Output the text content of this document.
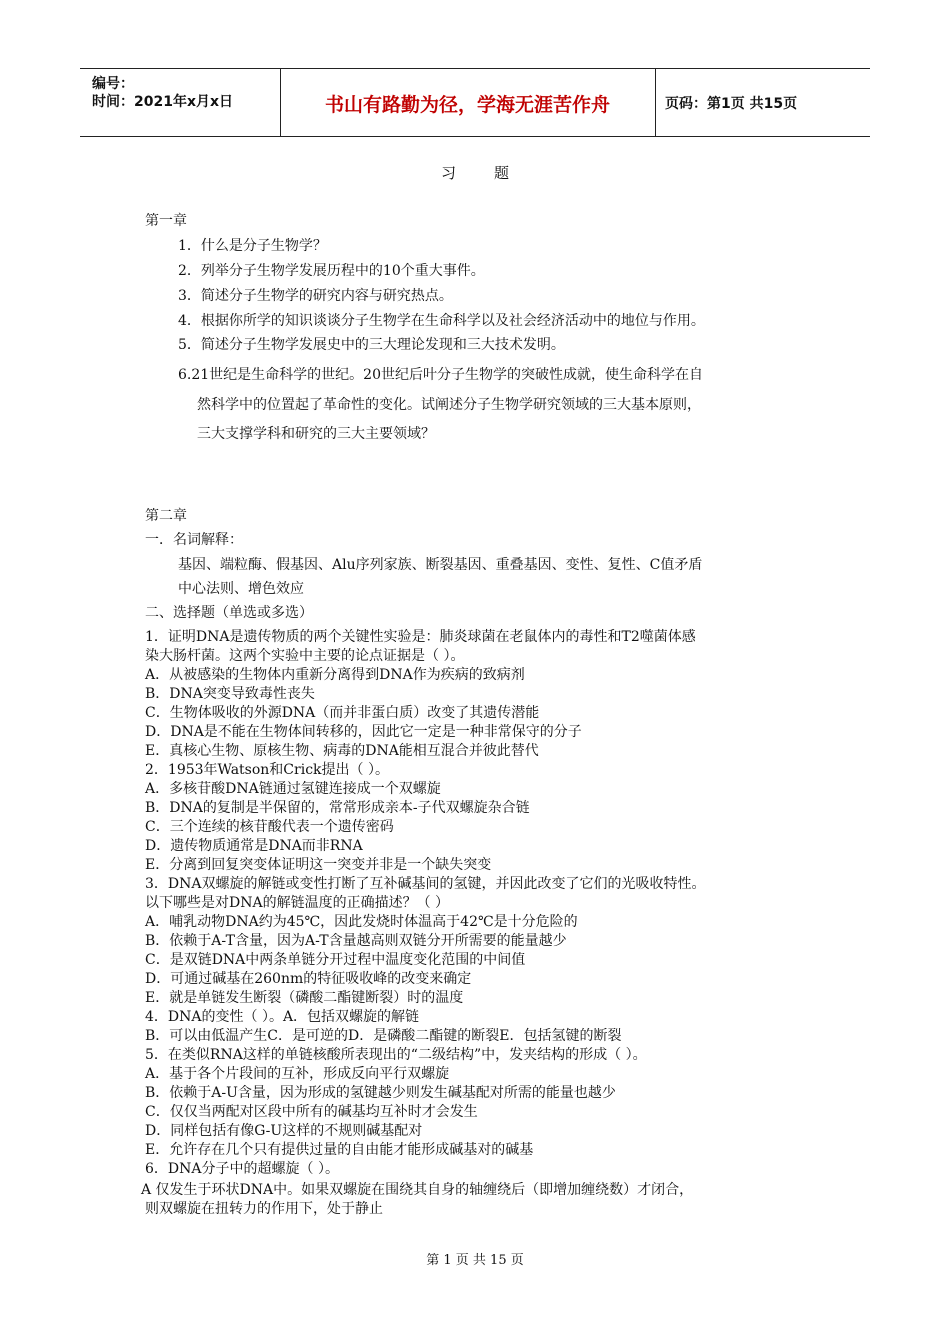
编号：
时间：2021年x月x日	书山有路勤为径，学海无涯苦作舟	页码：第1页 共15页
习题
第一章
1．什么是分子生物学？
2．列举分子生物学发展历程中的10个重大事件。
3．简述分子生物学的研究内容与研究热点。
4．根据你所学的知识谈谈分子生物学在生命科学以及社会经济活动中的地位与作用。
5．简述分子生物学发展史中的三大理论发现和三大技术发明。
6.21世纪是生命科学的世纪。20世纪后叶分子生物学的突破性成就，使生命科学在自
然科学中的位置起了革命性的变化。试阐述分子生物学研究领域的三大基本原则，
三大支撑学科和研究的三大主要领域？
第二章
一．名词解释：
基因、端粒酶、假基因、Alu序列家族、断裂基因、重叠基因、变性、复性、C值矛盾
中心法则、增色效应
二、选择题（单选或多选）
1．证明DNA是遗传物质的两个关键性实验是：肺炎球菌在老鼠体内的毒性和T2噬菌体感
染大肠杆菌。这两个实验中主要的论点证据是（ ）。
A．从被感染的生物体内重新分离得到DNA作为疾病的致病剂
B．DNA突变导致毒性丧失
C．生物体吸收的外源DNA（而并非蛋白质）改变了其遗传潜能
D．DNA是不能在生物体间转移的，因此它一定是一种非常保守的分子
E．真核心生物、原核生物、病毒的DNA能相互混合并彼此替代
2．1953年Watson和Crick提出（ ）。
A．多核苷酸DNA链通过氢键连接成一个双螺旋
B．DNA的复制是半保留的，常常形成亲本-子代双螺旋杂合链
C．三个连续的核苷酸代表一个遗传密码
D．遗传物质通常是DNA而非RNA
E．分离到回复突变体证明这一突变并非是一个缺失突变
3．DNA双螺旋的解链或变性打断了互补碱基间的氢键，并因此改变了它们的光吸收特性。
以下哪些是对DNA的解链温度的正确描述？（ ）
A．哺乳动物DNA约为45℃，因此发烧时体温高于42℃是十分危险的
B．依赖于A-T含量，因为A-T含量越高则双链分开所需要的能量越少
C．是双链DNA中两条单链分开过程中温度变化范围的中间值
D．可通过碱基在260nm的特征吸收峰的改变来确定
E．就是单链发生断裂（磷酸二酯键断裂）时的温度
4．DNA的变性（ ）。A．包括双螺旋的解链
B．可以由低温产生C．是可逆的D．是磷酸二酯键的断裂E．包括氢键的断裂
5．在类似RNA这样的单链核酸所表现出的“二级结构”中，发夹结构的形成（ ）。
A．基于各个片段间的互补，形成反向平行双螺旋
B．依赖于A-U含量，因为形成的氢键越少则发生碱基配对所需的能量也越少
C．仅仅当两配对区段中所有的碱基均互补时才会发生
D．同样包括有像G-U这样的不规则碱基配对
E．允许存在几个只有提供过量的自由能才能形成碱基对的碱基
6．DNA分子中的超螺旋（ ）。
A 仅发生于环状DNA中。如果双螺旋在围绕其自身的轴缠绕后（即增加缠绕数）才闭合，
则双螺旋在扭转力的作用下，处于静止
第 1 页 共 15 页
